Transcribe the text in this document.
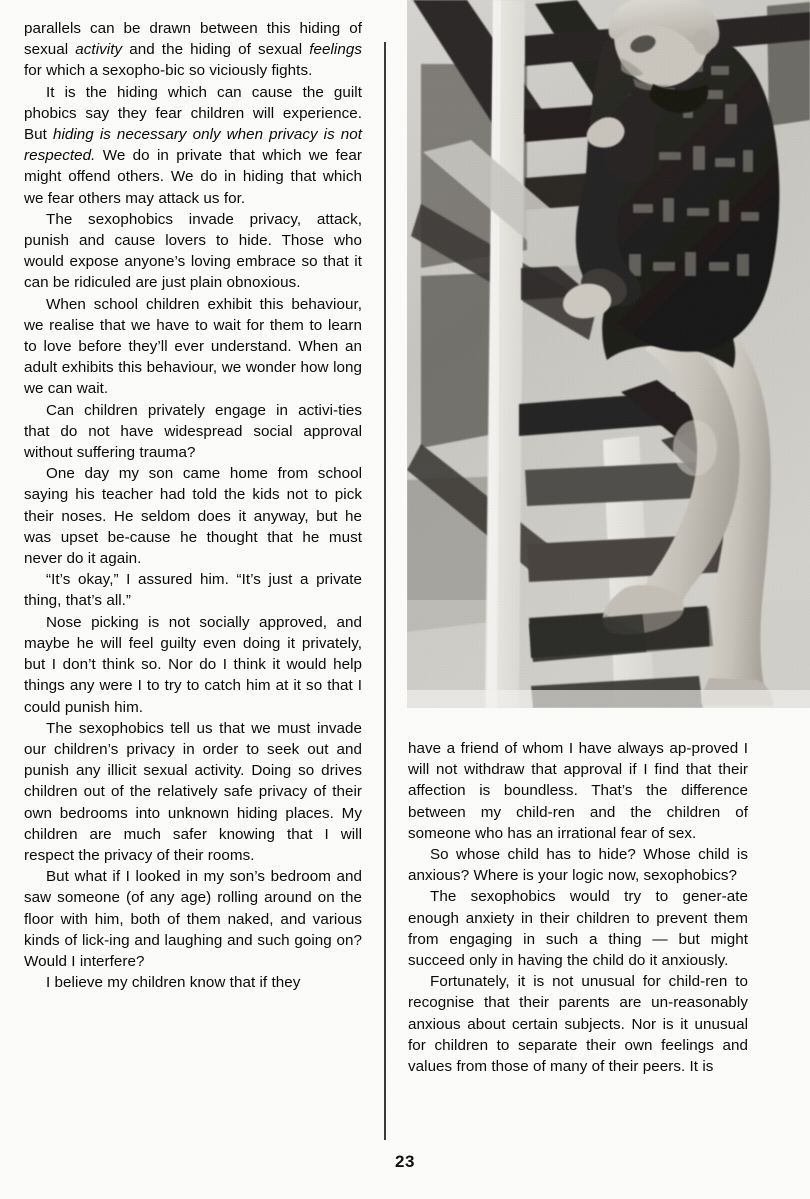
parallels can be drawn between this hiding of sexual activity and the hiding of sexual feelings for which a sexopho-bic so viciously fights.

It is the hiding which can cause the guilt phobics say they fear children will experience. But hiding is necessary only when privacy is not respected. We do in private that which we fear might offend others. We do in hiding that which we fear others may attack us for.

The sexophobics invade privacy, attack, punish and cause lovers to hide. Those who would expose anyone’s loving embrace so that it can be ridiculed are just plain obnoxious.

When school children exhibit this behaviour, we realise that we have to wait for them to learn to love before they’ll ever understand. When an adult exhibits this behaviour, we wonder how long we can wait.

Can children privately engage in activi-ties that do not have widespread social approval without suffering trauma?

One day my son came home from school saying his teacher had told the kids not to pick their noses. He seldom does it anyway, but he was upset be-cause he thought that he must never do it again.

“It’s okay,” I assured him. “It’s just a private thing, that’s all.”

Nose picking is not socially approved, and maybe he will feel guilty even doing it privately, but I don’t think so. Nor do I think it would help things any were I to try to catch him at it so that I could punish him.

The sexophobics tell us that we must invade our children’s privacy in order to seek out and punish any illicit sexual activity. Doing so drives children out of the relatively safe privacy of their own bedrooms into unknown hiding places. My children are much safer knowing that I will respect the privacy of their rooms.

But what if I looked in my son’s bedroom and saw someone (of any age) rolling around on the floor with him, both of them naked, and various kinds of lick-ing and laughing and such going on? Would I interfere?

I believe my children know that if they

have a friend of whom I have always ap-proved I will not withdraw that approval if I find that their affection is boundless. That’s the difference between my child-ren and the children of someone who has an irrational fear of sex.

So whose child has to hide? Whose child is anxious? Where is your logic now, sexophobics?

The sexophobics would try to gener-ate enough anxiety in their children to prevent them from engaging in such a thing — but might succeed only in having the child do it anxiously.

Fortunately, it is not unusual for child-ren to recognise that their parents are un-reasonably anxious about certain subjects. Nor is it unusual for children to separate their own feelings and values from those of many of their peers. It is

23
